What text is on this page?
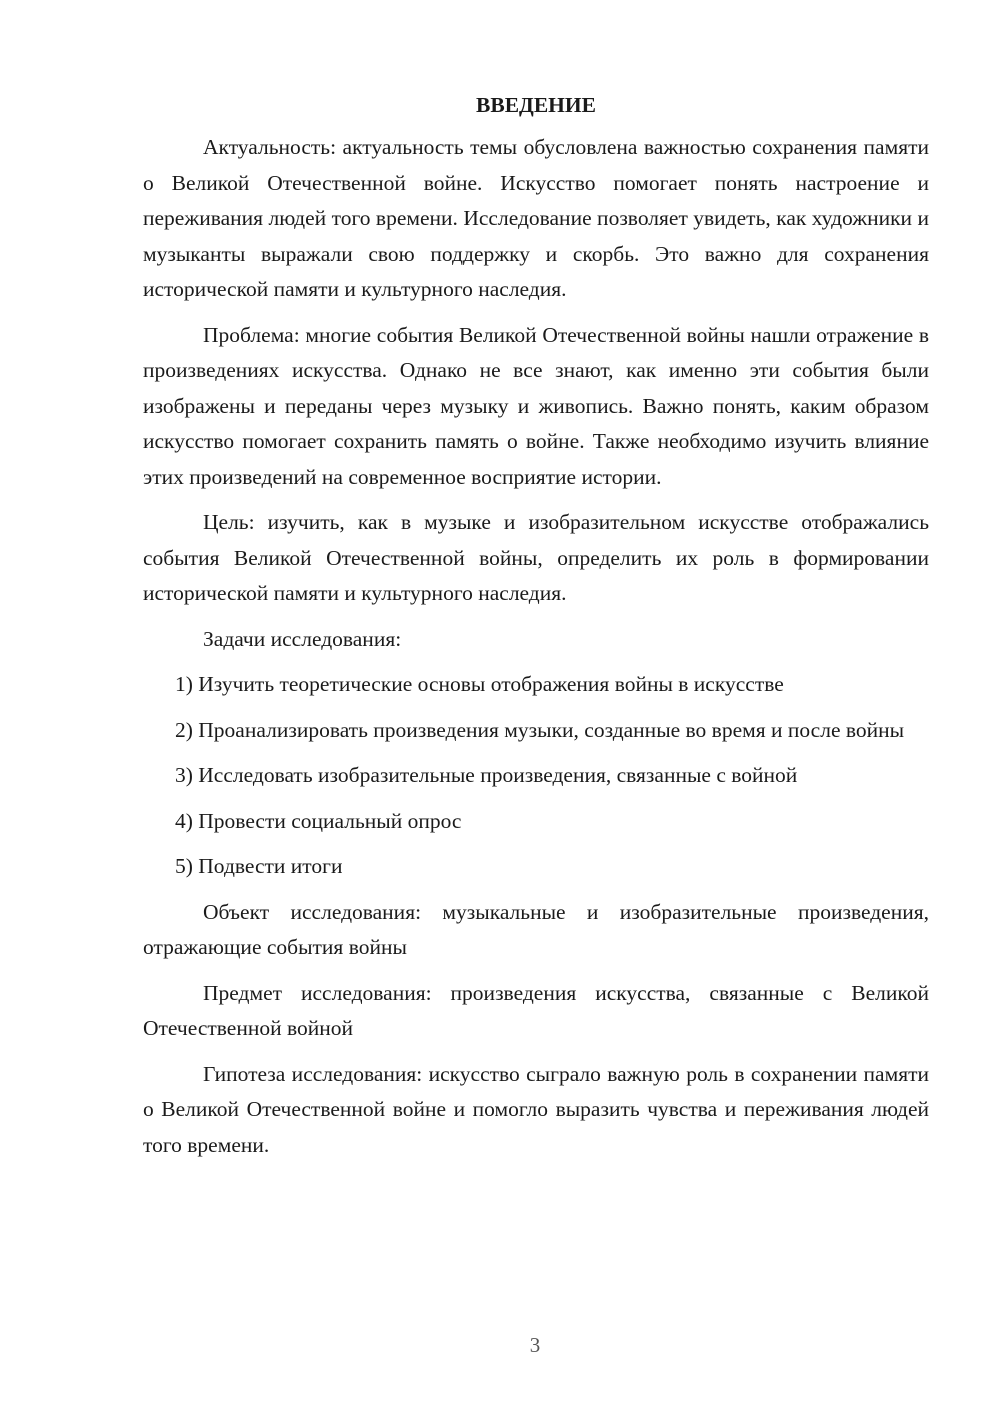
ВВЕДЕНИЕ

Актуальность: актуальность темы обусловлена важностью сохранения памяти о Великой Отечественной войне. Искусство помогает понять настроение и переживания людей того времени. Исследование позволяет увидеть, как художники и музыканты выражали свою поддержку и скорбь. Это важно для сохранения исторической памяти и культурного наследия.

Проблема: многие события Великой Отечественной войны нашли отражение в произведениях искусства. Однако не все знают, как именно эти события были изображены и переданы через музыку и живопись. Важно понять, каким образом искусство помогает сохранить память о войне. Также необходимо изучить влияние этих произведений на современное восприятие истории.

Цель: изучить, как в музыке и изобразительном искусстве отображались события Великой Отечественной войны, определить их роль в формировании исторической памяти и культурного наследия.

Задачи исследования:

1) Изучить теоретические основы отображения войны в искусстве

2) Проанализировать произведения музыки, созданные во время и после войны

3) Исследовать изобразительные произведения, связанные с войной

4) Провести социальный опрос

5) Подвести итоги

Объект исследования: музыкальные и изобразительные произведения, отражающие события войны

Предмет исследования: произведения искусства, связанные с Великой Отечественной войной

Гипотеза исследования: искусство сыграло важную роль в сохранении памяти о Великой Отечественной войне и помогло выразить чувства и переживания людей того времени.

3
